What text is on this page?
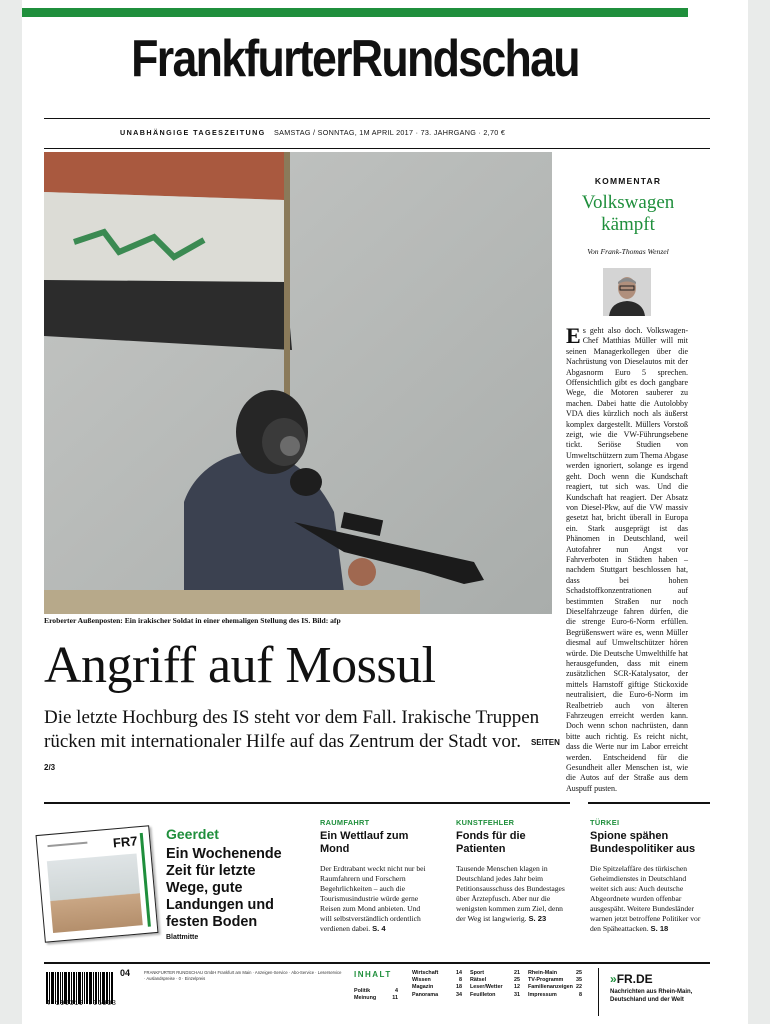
FrankfurterRundschau
UNABHÄNGIGE TAGESZEITUNG SAMSTAG / SONNTAG, 1M APRIL 2017 · 73. JAHRGANG · 2,70 €
Eroberter Außenposten: Ein irakischer Soldat in einer ehemaligen Stellung des IS. Bild: afp
Angriff auf Mossul
Die letzte Hochburg des IS steht vor dem Fall. Irakische Truppen rücken mit internationaler Hilfe auf das Zentrum der Stadt vor. SEITEN 2/3
KOMMENTAR
Volkswagen kämpft
Von Frank-Thomas Wenzel
Es geht also doch. Volkswagen-Chef Matthias Müller will mit seinen Managerkollegen über die Nachrüstung von Dieselautos mit der Abgasnorm Euro 5 sprechen. Offensichtlich gibt es doch gangbare Wege, die Motoren sauberer zu machen. Dabei hatte die Autolobby VDA dies kürzlich noch als äußerst komplex dargestellt. Müllers Vorstoß zeigt, wie die VW-Führungsebene tickt. Seriöse Studien von Umweltschützern zum Thema Abgase werden ignoriert, solange es irgend geht. Doch wenn die Kundschaft reagiert, tut sich was. Und die Kundschaft hat reagiert. Der Absatz von Diesel-Pkw, auf die VW massiv gesetzt hat, bricht überall in Europa ein. Stark ausgeprägt ist das Phänomen in Deutschland, weil Autofahrer nun Angst vor Fahrverboten in Städten haben – nachdem Stuttgart beschlossen hat, dass bei hohen Schadstoffkonzentrationen auf bestimmten Straßen nur noch Dieselfahrzeuge fahren dürfen, die die strenge Euro-6-Norm erfüllen. Begrüßenswert wäre es, wenn Müller diesmal auf Umweltschützer hören würde. Die Deutsche Umwelthilfe hat herausgefunden, dass mit einem zusätzlichen SCR-Katalysator, der mittels Harnstoff giftige Stickoxide neutralisiert, die Euro-6-Norm im Realbetrieb auch von älteren Fahrzeugen erreicht werden kann. Doch wenn schon nachrüsten, dann bitte auch richtig. Es reicht nicht, dass die Werte nur im Labor erreicht werden. Entscheidend für die Gesundheit aller Menschen ist, wie die Autos auf der Straße aus dem Auspuff pusten.
FR7 Geerdet
Ein Wochenende Zeit für letzte Wege, gute Landungen und festen Boden
Blattmitte
RAUMFAHRT
Ein Wettlauf zum Mond
Der Erdtrabant weckt nicht nur bei Raumfahrern und Forschern Begehrlichkeiten – auch die Tourismusindustrie würde gerne Reisen zum Mond anbieten. Und will selbstverständlich ordentlich verdienen dabei. S. 4
KUNSTFEHLER
Fonds für die Patienten
Tausende Menschen klagen in Deutschland jedes Jahr beim Petitionsausschuss des Bundestages über Ärztepfusch. Aber nur die wenigsten kommen zum Ziel, denn der Weg ist langwierig. S. 23
TÜRKEI
Spione spähen Bundespolitiker aus
Die Spitzelaffäre des türkischen Geheimdienstes in Deutschland weitet sich aus: Auch deutsche Abgeordnete wurden offenbar ausgespäht. Weitere Bundesländer warnen jetzt betroffene Politiker vor den Späheattacken. S. 18
4 196319 706903
04	FRANKFURTER RUNDSCHAU GmbH Frankfurt am Main · Anzeigen-Service · Abo-Service · Leserservice · Auslandspreise · 0 · Einzelpreis	INHALT
Politik	4
Meinung	11
Wirtschaft	14
Wissen	8
Magazin	18
Panorama	34
Sport	21
Rätsel	25
Leser/Wetter 12
Feuilleton	31
Rhein-Main	25
TV-Programm 35
Familienanzeigen 22
Impressum	8
»FR.DE
Nachrichten aus Rhein-Main, Deutschland und der Welt
